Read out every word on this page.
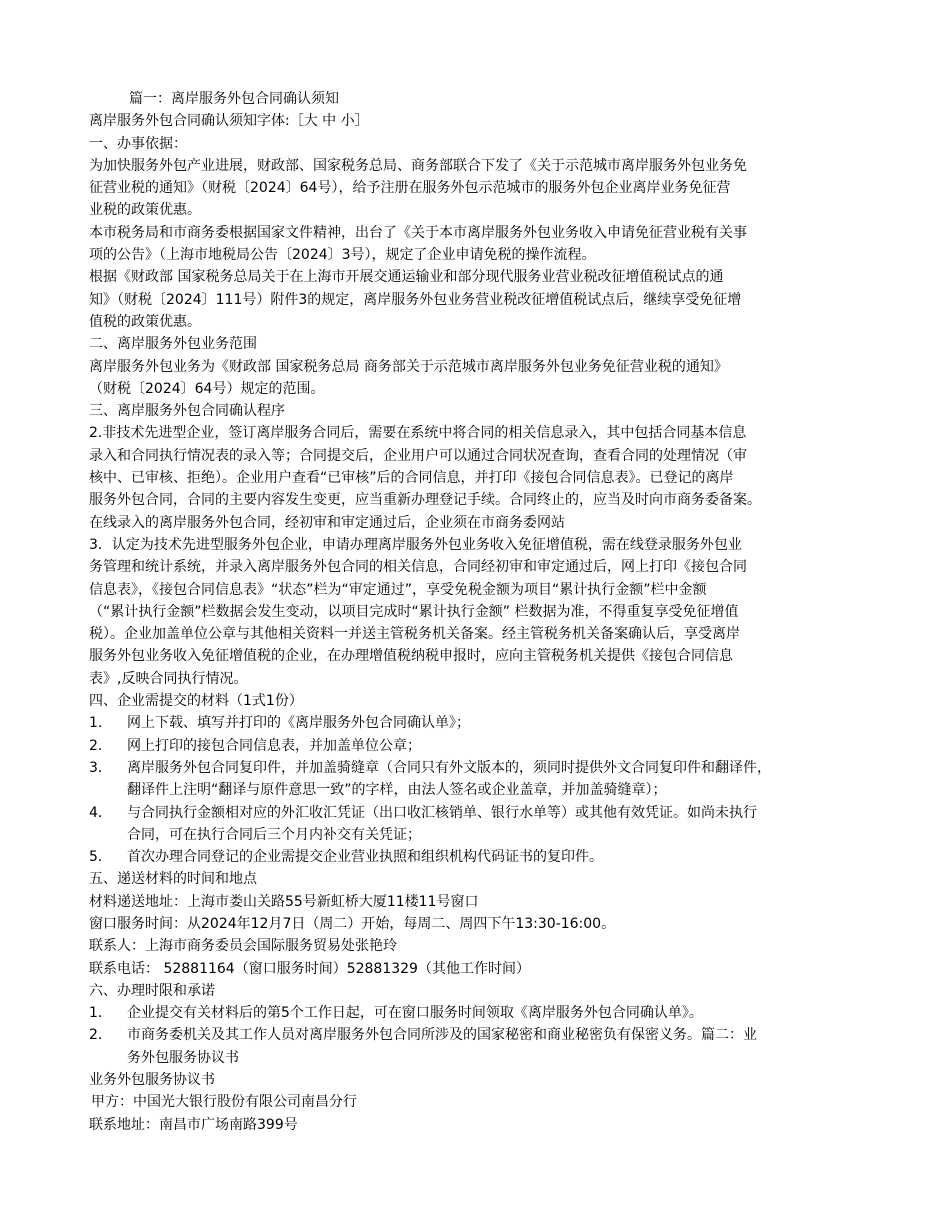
篇一：离岸服务外包合同确认须知
离岸服务外包合同确认须知字体:［大 中 小］
一、办事依据：
为加快服务外包产业进展，财政部、国家税务总局、商务部联合下发了《关于示范城市离岸服务外包业务免
征营业税的通知》（财税〔2024〕64号），给予注册在服务外包示范城市的服务外包企业离岸业务免征营
业税的政策优惠。
本市税务局和市商务委根据国家文件精神，出台了《关于本市离岸服务外包业务收入申请免征营业税有关事
项的公告》（上海市地税局公告〔2024〕3号），规定了企业申请免税的操作流程。
根据《财政部 国家税务总局关于在上海市开展交通运输业和部分现代服务业营业税改征增值税试点的通
知》（财税〔2024〕111号）附件3的规定，离岸服务外包业务营业税改征增值税试点后，继续享受免征增
值税的政策优惠。
二、离岸服务外包业务范围
离岸服务外包业务为《财政部 国家税务总局 商务部关于示范城市离岸服务外包业务免征营业税的通知》
（财税〔2024〕64号）规定的范围。
三、离岸服务外包合同确认程序
2.非技术先进型企业，签订离岸服务合同后，需要在系统中将合同的相关信息录入，其中包括合同基本信息
录入和合同执行情况表的录入等；合同提交后，企业用户可以通过合同状况查询，查看合同的处理情况（审
核中、已审核、拒绝）。企业用户查看“已审核”后的合同信息，并打印《接包合同信息表》。已登记的离岸
服务外包合同，合同的主要内容发生变更，应当重新办理登记手续。合同终止的，应当及时向市商务委备案。
在线录入的离岸服务外包合同，经初审和审定通过后，企业须在市商务委网站
3．认定为技术先进型服务外包企业，申请办理离岸服务外包业务收入免征增值税，需在线登录服务外包业
务管理和统计系统，并录入离岸服务外包合同的相关信息，合同经初审和审定通过后，网上打印《接包合同
信息表》，《接包合同信息表》“状态”栏为“审定通过”，享受免税金额为项目“累计执行金额”栏中金额
（“累计执行金额”栏数据会发生变动，以项目完成时“累计执行金额” 栏数据为准，不得重复享受免征增值
税）。企业加盖单位公章与其他相关资料一并送主管税务机关备案。经主管税务机关备案确认后，享受离岸
服务外包业务收入免征增值税的企业，在办理增值税纳税申报时，应向主管税务机关提供《接包合同信息
表》,反映合同执行情况。
四、企业需提交的材料（1式1份）
1．	网上下载、填写并打印的《离岸服务外包合同确认单》；
2．	网上打印的接包合同信息表，并加盖单位公章；
3．	离岸服务外包合同复印件，并加盖骑缝章（合同只有外文版本的，须同时提供外文合同复印件和翻译件，
翻译件上注明“翻译与原件意思一致”的字样，由法人签名或企业盖章，并加盖骑缝章）；
4．	与合同执行金额相对应的外汇收汇凭证（出口收汇核销单、银行水单等）或其他有效凭证。如尚未执行
合同，可在执行合同后三个月内补交有关凭证；
5．	首次办理合同登记的企业需提交企业营业执照和组织机构代码证书的复印件。
五、递送材料的时间和地点
材料递送地址：上海市娄山关路55号新虹桥大厦11楼11号窗口
窗口服务时间：从2024年12月7日（周二）开始，每周二、周四下午13:30-16:00。
联系人：上海市商务委员会国际服务贸易处张艳玲
联系电话： 52881164（窗口服务时间）52881329（其他工作时间）
六、办理时限和承诺
1．	企业提交有关材料后的第5个工作日起，可在窗口服务时间领取《离岸服务外包合同确认单》。
2．	市商务委机关及其工作人员对离岸服务外包合同所涉及的国家秘密和商业秘密负有保密义务。篇二：业
务外包服务协议书
业务外包服务协议书
甲方：中国光大银行股份有限公司南昌分行
联系地址：南昌市广场南路399号
